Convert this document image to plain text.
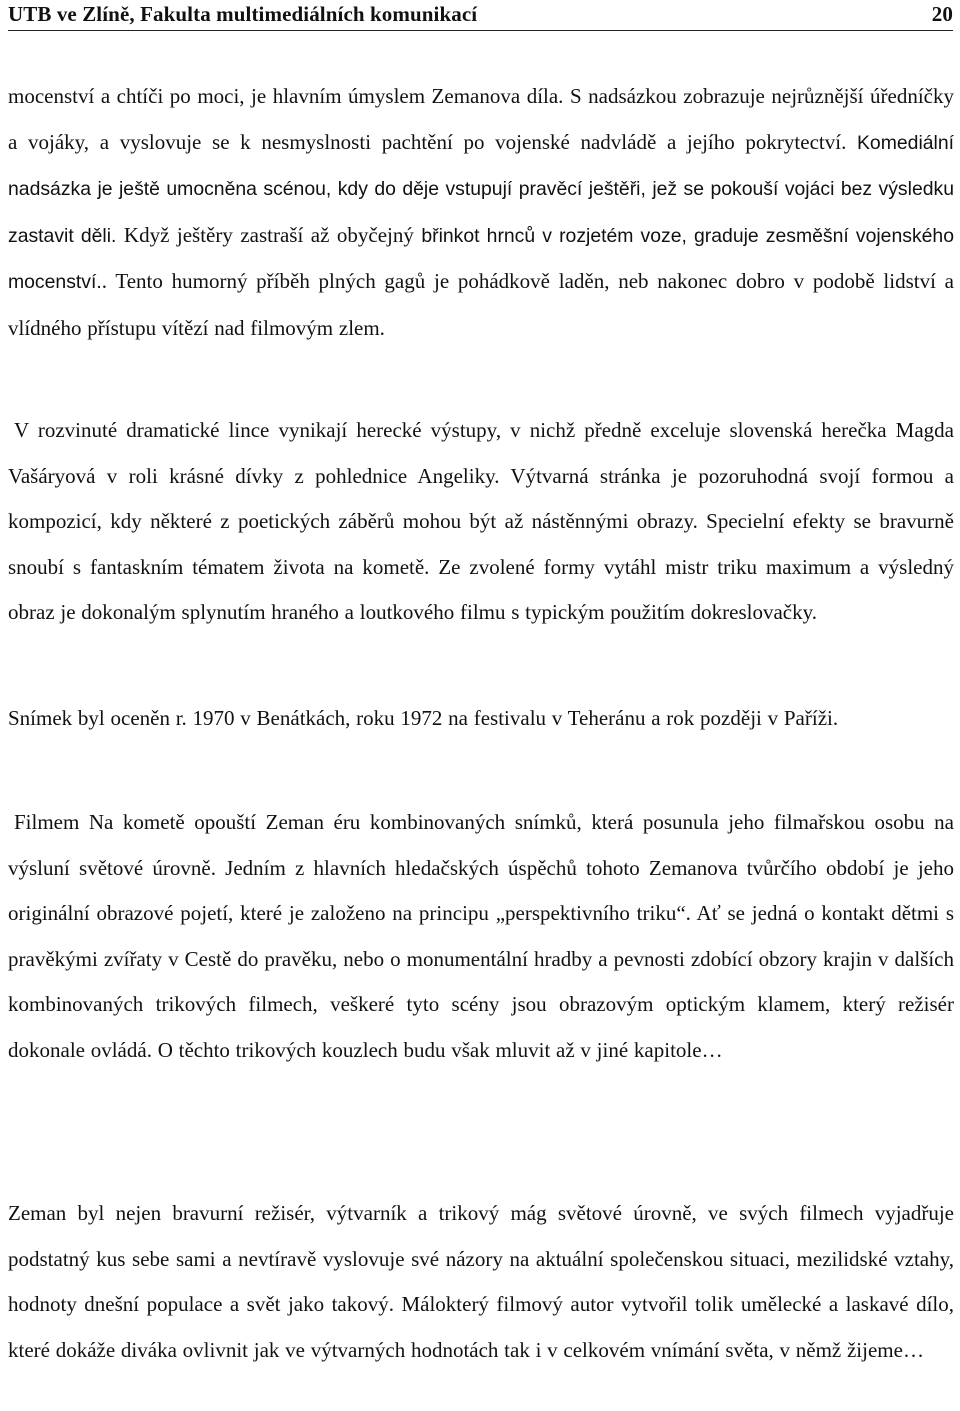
UTB ve Zlíně, Fakulta multimediálních komunikací	20

mocenství a chtíči po moci, je hlavním úmyslem Zemanova díla. S nadsázkou zobrazuje nejrůznější úředníčky a vojáky, a vyslovuje se k nesmyslnosti pachtění po vojenské nadvládě a jejího pokrytectví. Komediální nadsázka je ještě umocněna scénou, kdy do děje vstupují pravěcí ještěři, jež se pokouší vojáci bez výsledku zastavit děli. Když ještěry zastraší až obyčejný břinkot hrnců v rozjetém voze, graduje zesměšní vojenského mocenství.. Tento humorný příběh plných gagů je pohádkově laděn, neb nakonec dobro v podobě lidství a vlídného přístupu vítězí nad filmovým zlem.

V rozvinuté dramatické lince vynikají herecké výstupy, v nichž předně exceluje slovenská herečka Magda Vašáryová v roli krásné dívky z pohlednice Angeliky. Výtvarná stránka je pozoruhodná svojí formou a kompozicí, kdy některé z poetických záběrů mohou být až nástěnnými obrazy. Specielní efekty se bravurně snoubí s fantaskním tématem života na kometě. Ze zvolené formy vytáhl mistr triku maximum a výsledný obraz je dokonalým splynutím hraného a loutkového filmu s typickým použitím dokreslovačky.

Snímek byl oceněn r. 1970 v Benátkách, roku 1972 na festivalu v Teheránu a rok později v Paříži.

Filmem Na kometě opouští Zeman éru kombinovaných snímků, která posunula jeho filmařskou osobu na výsluní světové úrovně. Jedním z hlavních hledačských úspěchů tohoto Zemanova tvůrčího období je jeho originální obrazové pojetí, které je založeno na principu „perspektivního triku“. Ať se jedná o kontakt dětmi s pravěkými zvířaty v Cestě do pravěku, nebo o monumentální hradby a pevnosti zdobící obzory krajin v dalších kombinovaných trikových filmech, veškeré tyto scény jsou obrazovým optickým klamem, který režisér dokonale ovládá. O těchto trikových kouzlech budu však mluvit až v jiné kapitole…

Zeman byl nejen bravurní režisér, výtvarník a trikový mág světové úrovně, ve svých filmech vyjadřuje podstatný kus sebe sami a nevtíravě vyslovuje své názory na aktuální společenskou situaci, mezilidské vztahy, hodnoty dnešní populace a svět jako takový. Málokterý filmový autor vytvořil tolik umělecké a laskavé dílo, které dokáže diváka ovlivnit jak ve výtvarných hodnotách tak i v celkovém vnímání světa, v němž žijeme…
